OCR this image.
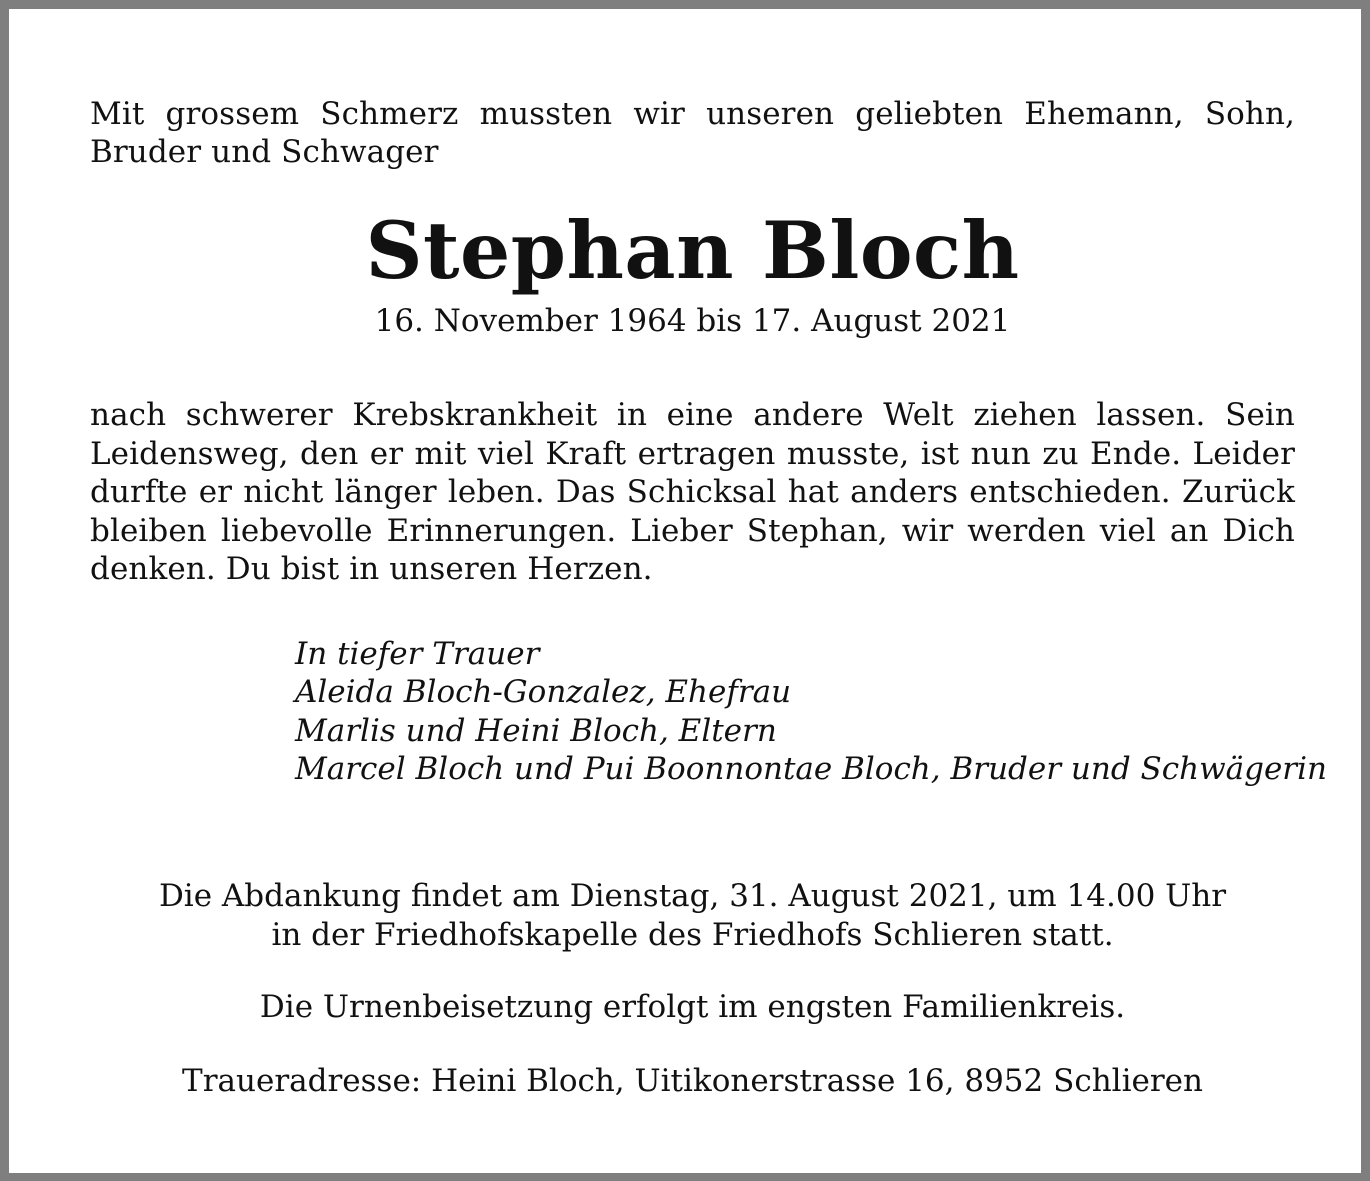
Mit grossem Schmerz mussten wir unseren geliebten Ehemann, Sohn, Bruder und Schwager

Stephan Bloch

16. November 1964 bis 17. August 2021

nach schwerer Krebskrankheit in eine andere Welt ziehen lassen. Sein Leidensweg, den er mit viel Kraft ertragen musste, ist nun zu Ende. Leider durfte er nicht länger leben. Das Schicksal hat anders entschieden. Zurück bleiben liebevolle Erinnerungen. Lieber Stephan, wir werden viel an Dich denken. Du bist in unseren Herzen.

In tiefer Trauer
Aleida Bloch-Gonzalez, Ehefrau
Marlis und Heini Bloch, Eltern
Marcel Bloch und Pui Boonnontae Bloch, Bruder und Schwägerin
Die Abdankung findet am Dienstag, 31. August 2021, um 14.00 Uhr
in der Friedhofskapelle des Friedhofs Schlieren statt.

Die Urnenbeisetzung erfolgt im engsten Familienkreis.

Traueradresse: Heini Bloch, Uitikonerstrasse 16, 8952 Schlieren
